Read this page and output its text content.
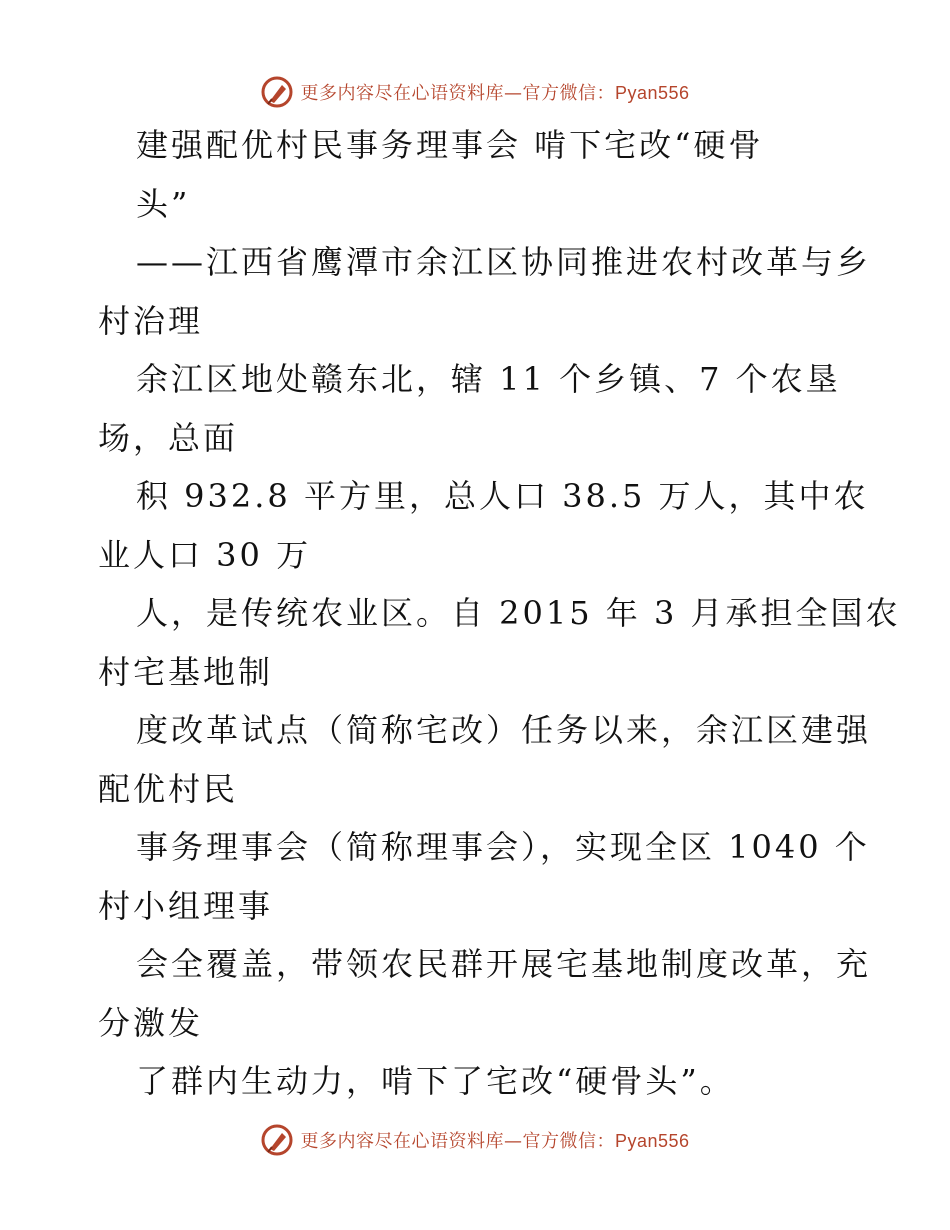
更多内容尽在心语资料库—官方微信：Pyan556
建强配优村民事务理事会 啃下宅改“硬骨
头”
——江西省鹰潭市余江区协同推进农村改革与乡
村治理
余江区地处赣东北，辖 11 个乡镇、7 个农垦
场，总面
积 932.8 平方里，总人口 38.5 万人，其中农
业人口 30 万
人，是传统农业区。自 2015 年 3 月承担全国农
村宅基地制
度改革试点（简称宅改）任务以来，余江区建强
配优村民
事务理事会（简称理事会），实现全区 1040 个
村小组理事
会全覆盖，带领农民群开展宅基地制度改革，充
分激发
了群内生动力，啃下了宅改“硬骨头”。
更多内容尽在心语资料库—官方微信：Pyan556
